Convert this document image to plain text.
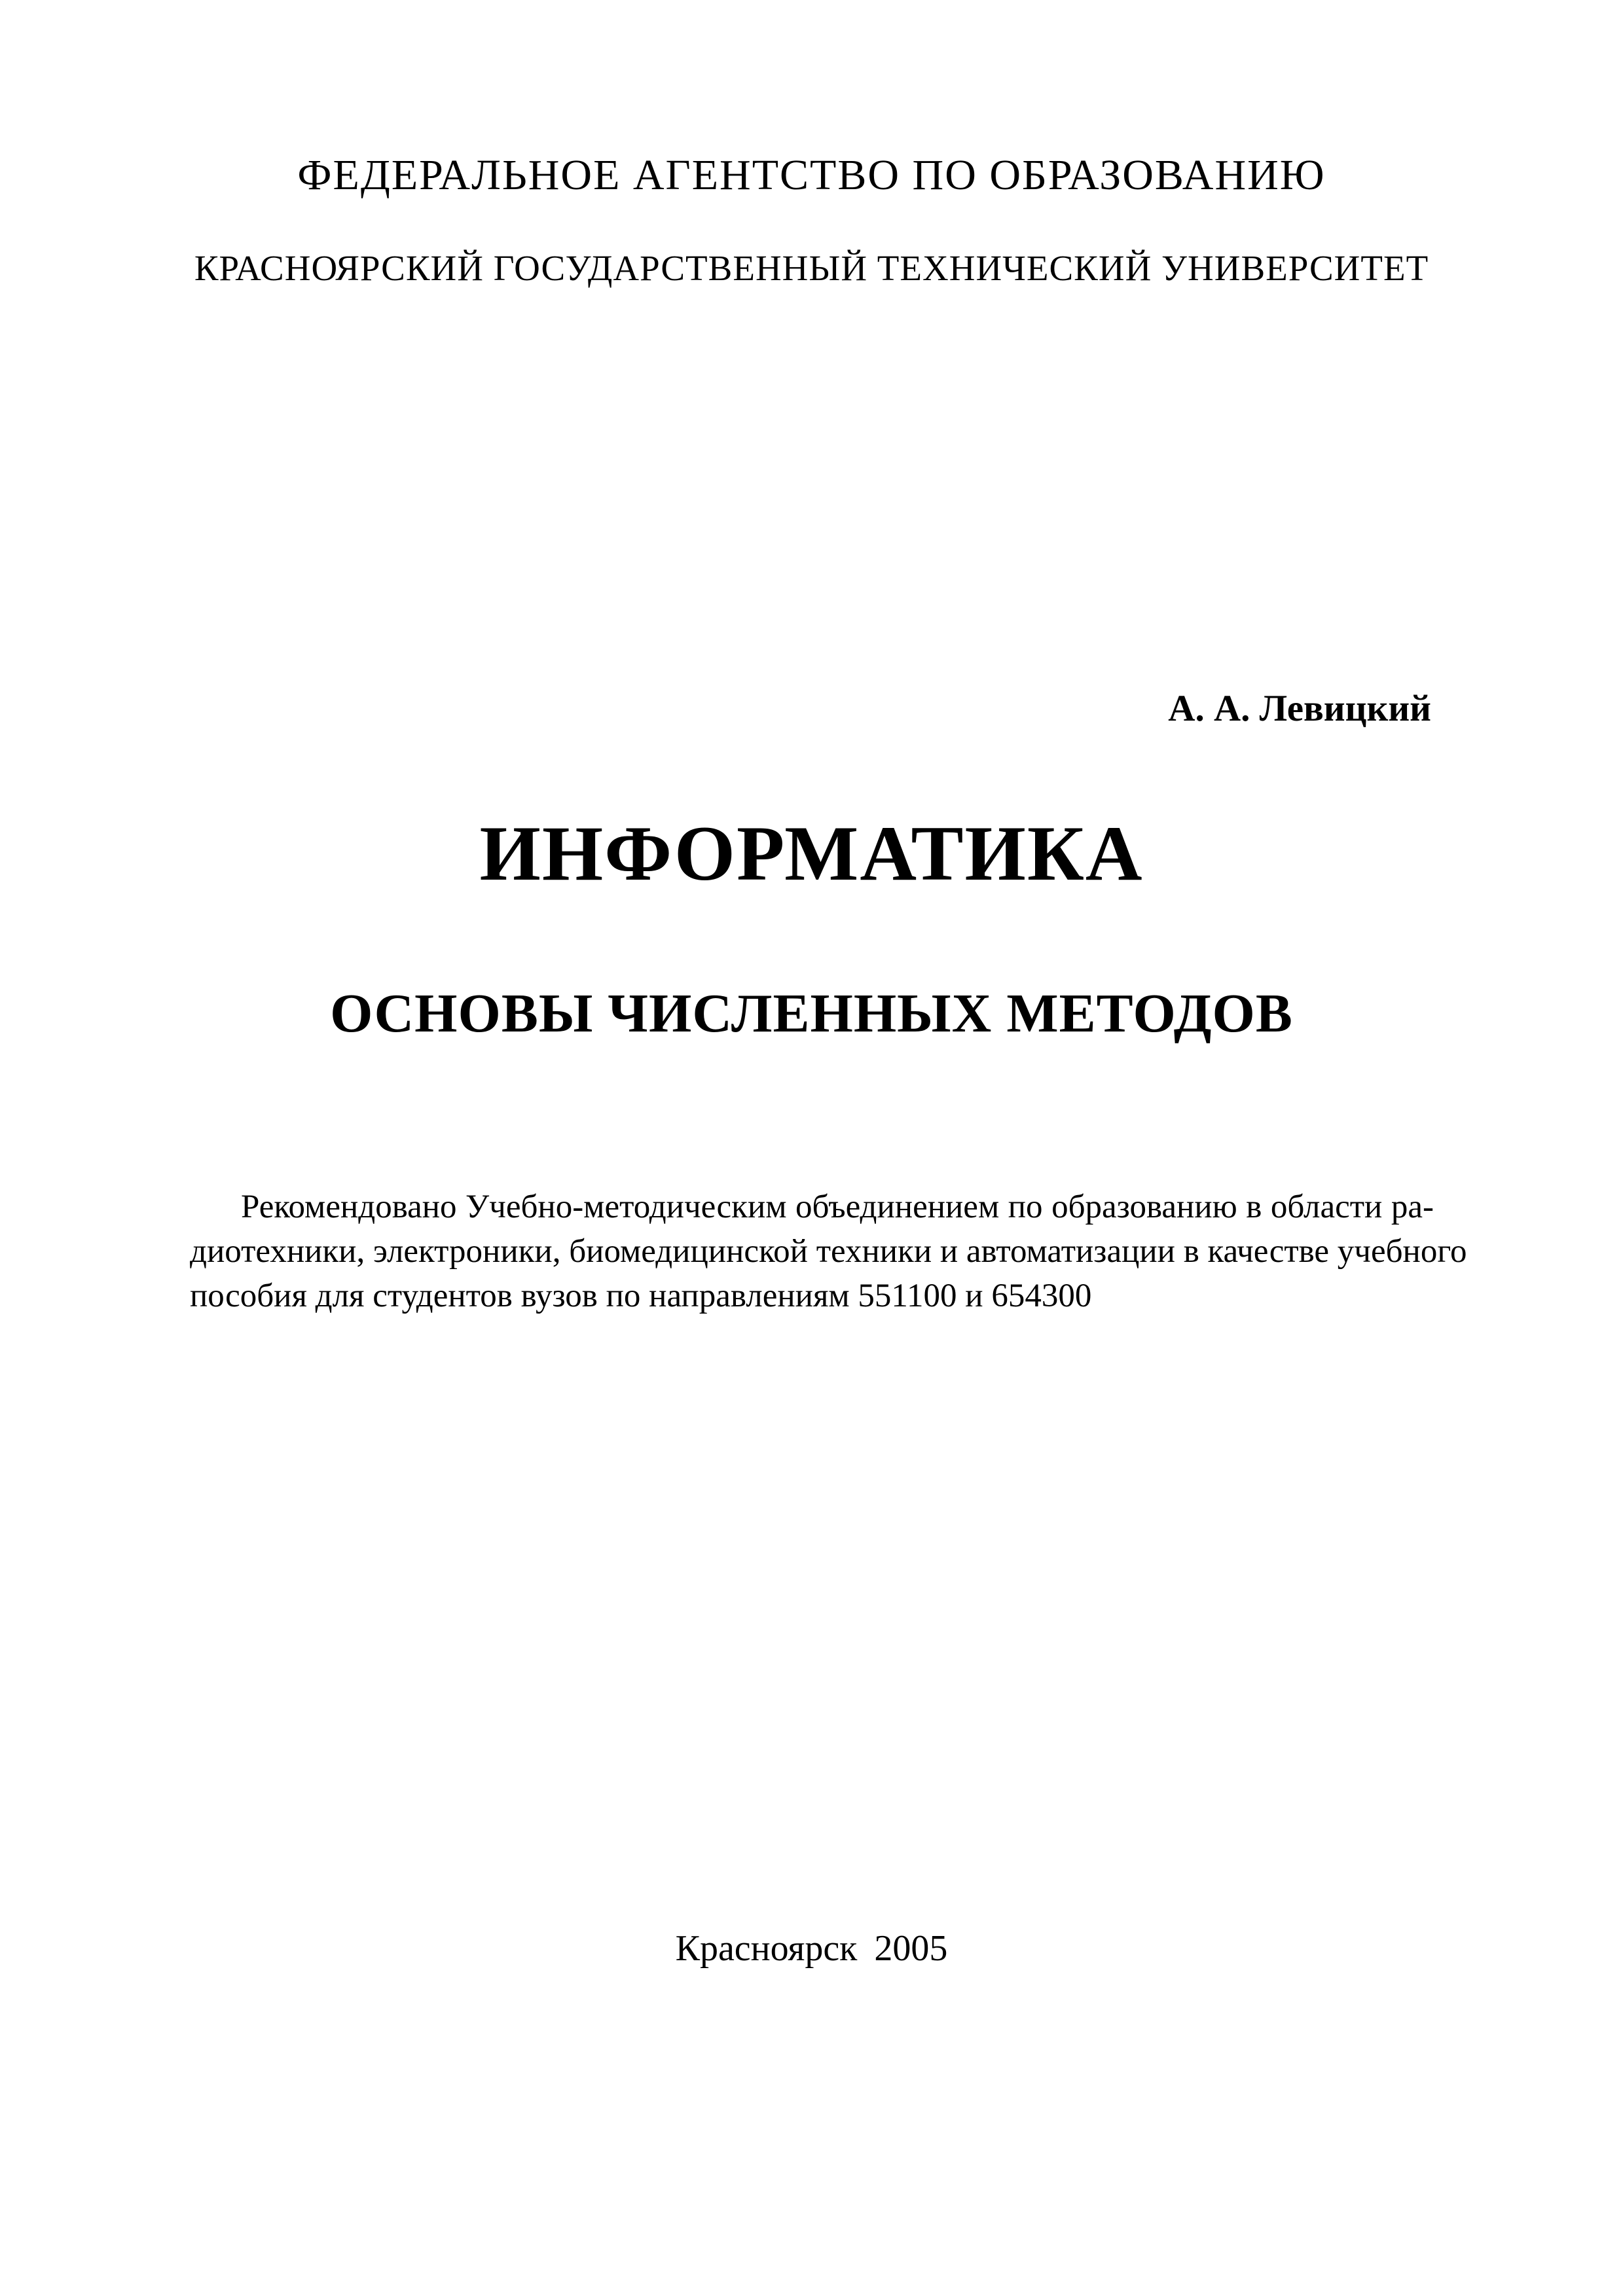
ФЕДЕРАЛЬНОЕ АГЕНТСТВО ПО ОБРАЗОВАНИЮ

КРАСНОЯРСКИЙ ГОСУДАРСТВЕННЫЙ ТЕХНИЧЕСКИЙ УНИВЕРСИТЕТ

А. А. Левицкий

ИНФОРМАТИКА
ОСНОВЫ ЧИСЛЕННЫХ МЕТОДОВ
Рекомендовано Учебно-методическим объединением по образованию в области ра-
диотехники, электроники, биомедицинской техники и автоматизации в качестве учебного
пособия для студентов вузов по направлениям 551100 и 654300

Красноярск 2005
